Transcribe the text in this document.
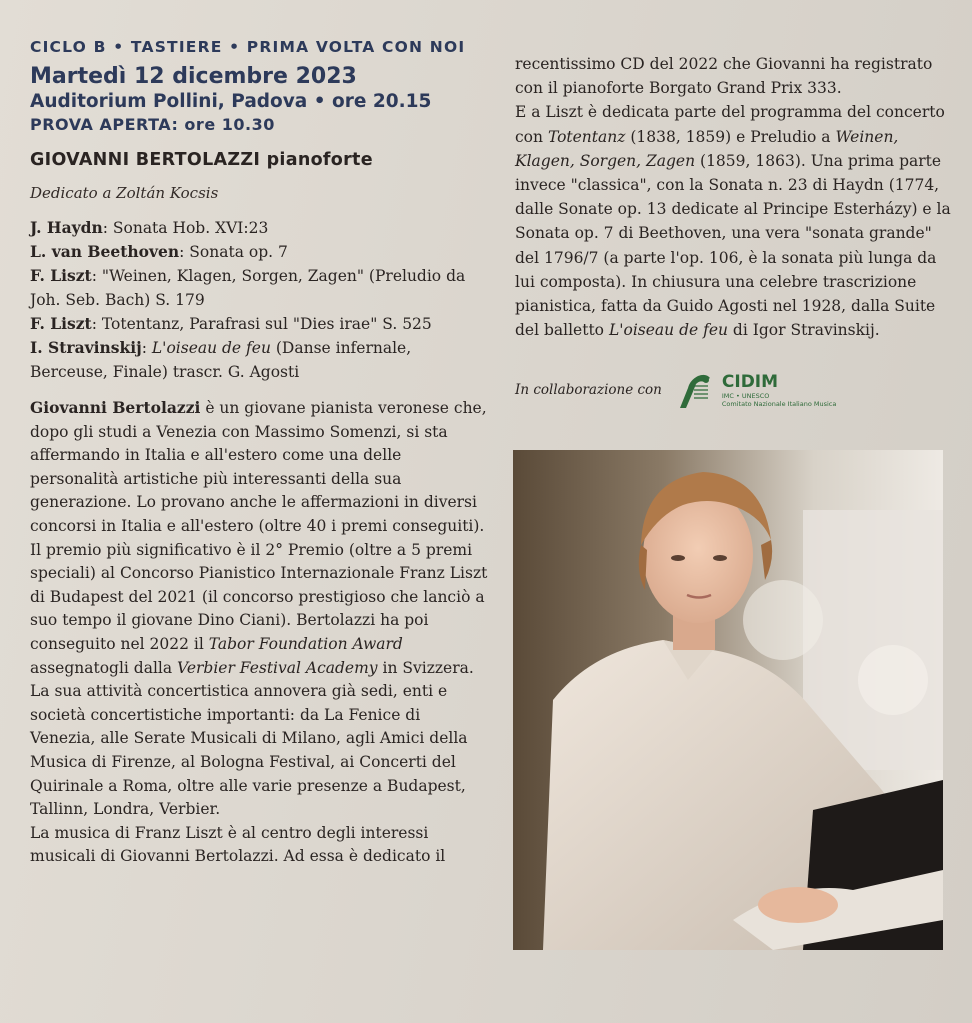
CICLO B • TASTIERE • PRIMA VOLTA CON NOI
Martedì 12 dicembre 2023
Auditorium Pollini, Padova • ore 20.15
PROVA APERTA: ore 10.30
GIOVANNI BERTOLAZZI pianoforte
Dedicato a Zoltán Kocsis
J. Haydn: Sonata Hob. XVI:23
L. van Beethoven: Sonata op. 7
F. Liszt: "Weinen, Klagen, Sorgen, Zagen" (Preludio da Joh. Seb. Bach) S. 179
F. Liszt: Totentanz, Parafrasi sul "Dies irae" S. 525
I. Stravinskij: L'oiseau de feu (Danse infernale, Berceuse, Finale) trascr. G. Agosti

Giovanni Bertolazzi è un giovane pianista veronese che, dopo gli studi a Venezia con Massimo Somenzi, si sta affermando in Italia e all'estero come una delle personalità artistiche più interessanti della sua generazione. Lo provano anche le affermazioni in diversi concorsi in Italia e all'estero (oltre 40 i premi conseguiti).

Il premio più significativo è il 2° Premio (oltre a 5 premi speciali) al Concorso Pianistico Internazionale Franz Liszt di Budapest del 2021 (il concorso prestigioso che lanciò a suo tempo il giovane Dino Ciani). Bertolazzi ha poi conseguito nel 2022 il Tabor Foundation Award assegnatogli dalla Verbier Festival Academy in Svizzera.

La sua attività concertistica annovera già sedi, enti e società concertistiche importanti: da La Fenice di Venezia, alle Serate Musicali di Milano, agli Amici della Musica di Firenze, al Bologna Festival, ai Concerti del Quirinale a Roma, oltre alle varie presenze a Budapest, Tallinn, Londra, Verbier.

La musica di Franz Liszt è al centro degli interessi musicali di Giovanni Bertolazzi. Ad essa è dedicato il

recentissimo CD del 2022 che Giovanni ha registrato con il pianoforte Borgato Grand Prix 333.

E a Liszt è dedicata parte del programma del concerto con Totentanz (1838, 1859) e Preludio a Weinen, Klagen, Sorgen, Zagen (1859, 1863). Una prima parte invece "classica", con la Sonata n. 23 di Haydn (1774, dalle Sonate op. 13 dedicate al Principe Esterházy) e la Sonata op. 7 di Beethoven, una vera "sonata grande" del 1796/7 (a parte l'op. 106, è la sonata più lunga da lui composta). In chiusura una celebre trascrizione pianistica, fatta da Guido Agosti nel 1928, dalla Suite del balletto L'oiseau de feu di Igor Stravinskij.

In collaborazione con	CIDIM
IMC • UNESCO
Comitato Nazionale Italiano Musica
